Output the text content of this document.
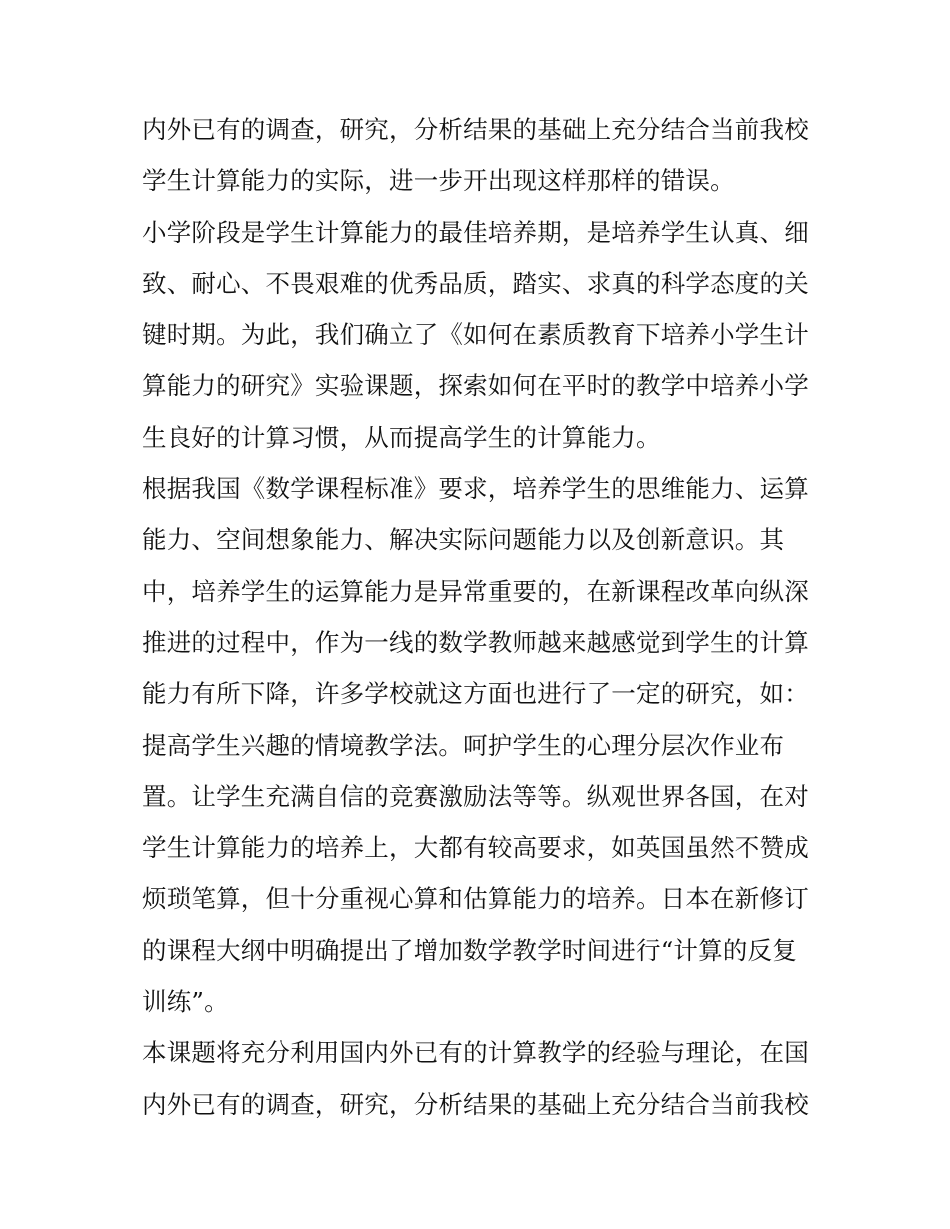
内外已有的调查，研究，分析结果的基础上充分结合当前我校
学生计算能力的实际，进一步开出现这样那样的错误。
小学阶段是学生计算能力的最佳培养期，是培养学生认真、细
致、耐心、不畏艰难的优秀品质，踏实、求真的科学态度的关
键时期。为此，我们确立了《如何在素质教育下培养小学生计
算能力的研究》实验课题，探索如何在平时的教学中培养小学
生良好的计算习惯，从而提高学生的计算能力。
根据我国《数学课程标准》要求，培养学生的思维能力、运算
能力、空间想象能力、解决实际问题能力以及创新意识。其
中，培养学生的运算能力是异常重要的，在新课程改革向纵深
推进的过程中，作为一线的数学教师越来越感觉到学生的计算
能力有所下降，许多学校就这方面也进行了一定的研究，如：
提高学生兴趣的情境教学法。呵护学生的心理分层次作业布
置。让学生充满自信的竞赛激励法等等。纵观世界各国，在对
学生计算能力的培养上，大都有较高要求，如英国虽然不赞成
烦琐笔算，但十分重视心算和估算能力的培养。日本在新修订
的课程大纲中明确提出了增加数学教学时间进行“计算的反复
训练”。
本课题将充分利用国内外已有的计算教学的经验与理论，在国
内外已有的调查，研究，分析结果的基础上充分结合当前我校
